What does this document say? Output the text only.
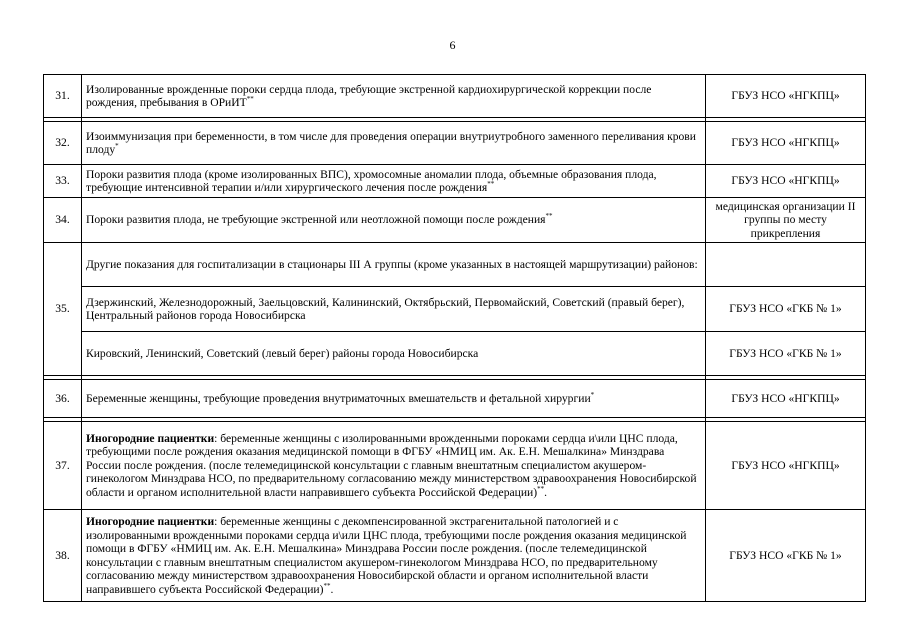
6
31.	Изолированные врожденные пороки сердца плода, требующие экстренной кардиохирургической коррекции после рождения, пребывания в ОРиИТ**	ГБУЗ НСО «НГКПЦ»

32.	Изоиммунизация при беременности, в том числе для проведения операции внутриутробного заменного переливания крови плоду*	ГБУЗ НСО «НГКПЦ»
33.	Пороки развития плода (кроме изолированных ВПС), хромосомные аномалии плода, объемные образования плода, требующие интенсивной терапии и/или хирургического лечения после рождения**	ГБУЗ НСО «НГКПЦ»
34.	Пороки развития плода, не требующие экстренной или неотложной помощи после рождения**	медицинская организации II группы по месту прикрепления
35.	Другие показания для госпитализации в стационары III А группы (кроме указанных в настоящей маршрутизации) районов:	
	Дзержинский, Железнодорожный, Заельцовский, Калининский, Октябрьский, Первомайский, Советский (правый берег), Центральный районов города Новосибирска	ГБУЗ НСО «ГКБ № 1»
	Кировский, Ленинский, Советский (левый берег) районы города Новосибирска	ГБУЗ НСО «ГКБ № 1»

36.	Беременные женщины, требующие проведения внутриматочных вмешательств и фетальной хирургии*	ГБУЗ НСО «НГКПЦ»

37.	Иногородние пациентки: беременные женщины с изолированными врожденными пороками сердца и\или ЦНС плода, требующими после рождения оказания медицинской помощи в ФГБУ «НМИЦ им. Ак. Е.Н. Мешалкина» Минздрава России после рождения. (после телемедицинской консультации с главным внештатным специалистом акушером-гинекологом Минздрава НСО, по предварительному согласованию между министерством здравоохранения Новосибирской области и органом исполнительной власти направившего субъекта Российской Федерации)**.	ГБУЗ НСО «НГКПЦ»
38.	Иногородние пациентки: беременные женщины с декомпенсированной экстрагенитальной патологией и с изолированными врожденными пороками сердца и\или ЦНС плода, требующими после рождения оказания медицинской помощи в ФГБУ «НМИЦ им. Ак. Е.Н. Мешалкина» Минздрава России после рождения. (после телемедицинской консультации с главным внештатным специалистом акушером-гинекологом Минздрава НСО, по предварительному согласованию между министерством здравоохранения Новосибирской области и органом исполнительной власти направившего субъекта Российской Федерации)**.	ГБУЗ НСО «ГКБ № 1»
